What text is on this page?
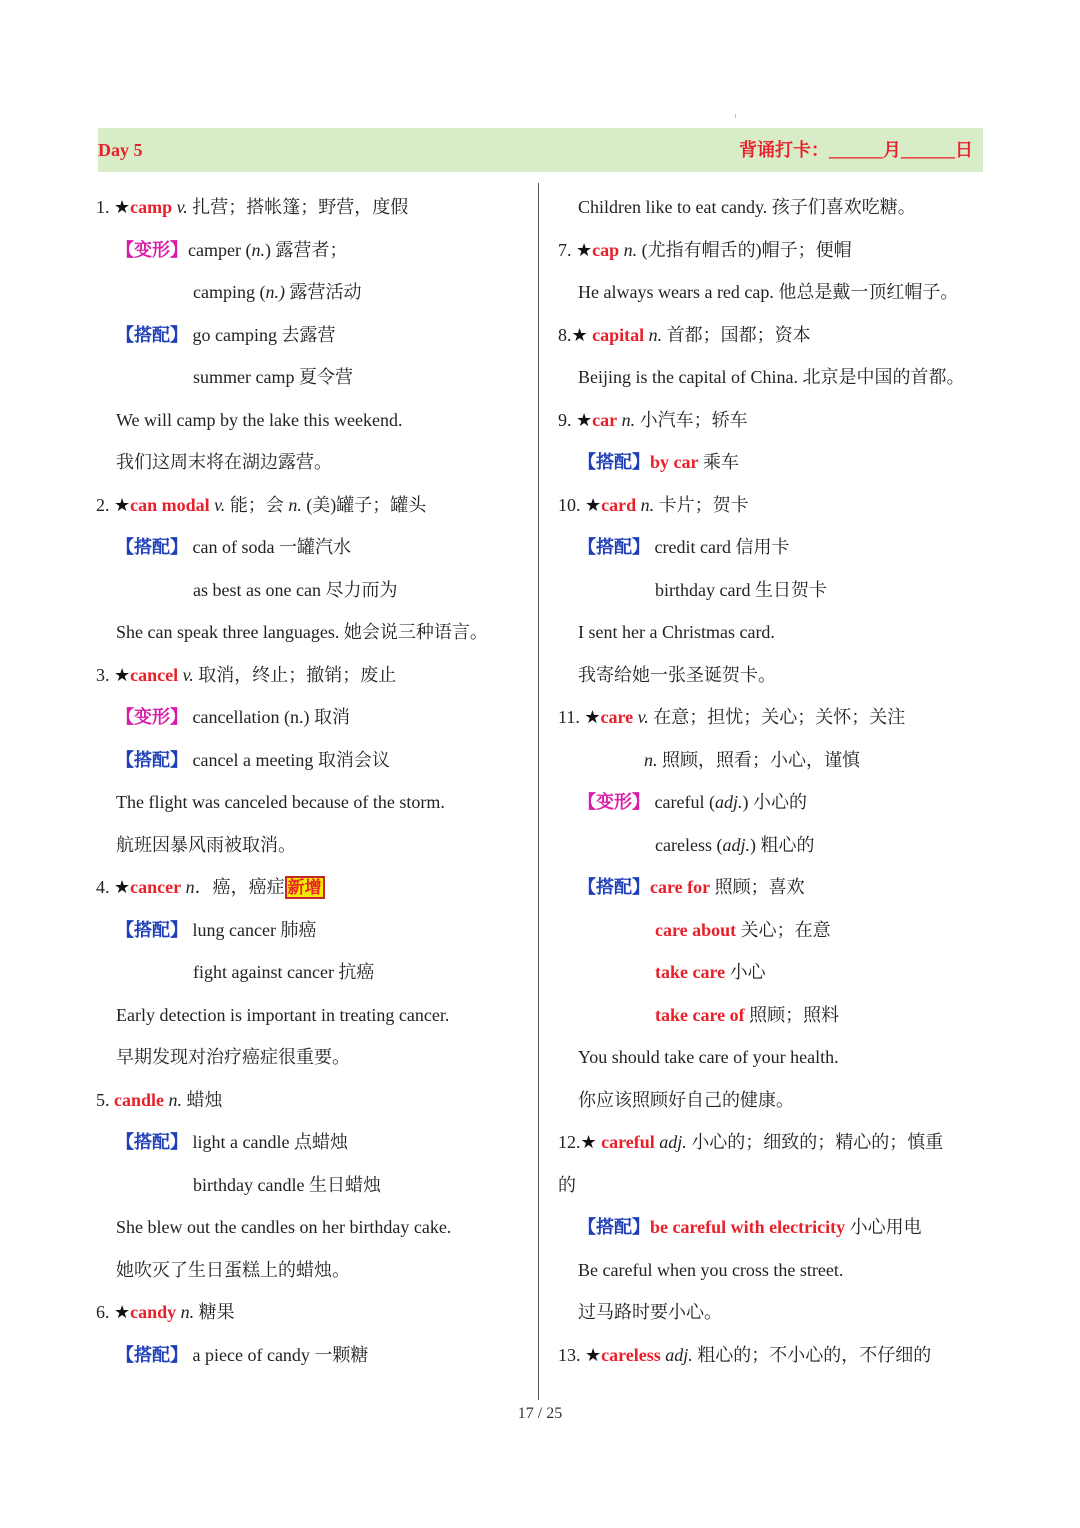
Day 5	背诵打卡：______月______日
1. ★camp v. 扎营；搭帐篷；野营，度假
【变形】camper (n.) 露营者；
camping (n.) 露营活动
【搭配】 go camping 去露营
summer camp 夏令营
We will camp by the lake this weekend.
我们这周末将在湖边露营。
2. ★can modal v. 能；会 n. (美)罐子；罐头
【搭配】 can of soda 一罐汽水
as best as one can 尽力而为
She can speak three languages. 她会说三种语言。
3. ★cancel v. 取消，终止；撤销；废止
【变形】 cancellation (n.) 取消
【搭配】 cancel a meeting 取消会议
The flight was canceled because of the storm.
航班因暴风雨被取消。
4. ★cancer n．癌，癌症 新增
【搭配】 lung cancer 肺癌
fight against cancer 抗癌
Early detection is important in treating cancer.
早期发现对治疗癌症很重要。
5. candle n. 蜡烛
【搭配】 light a candle 点蜡烛
birthday candle 生日蜡烛
She blew out the candles on her birthday cake.
她吹灭了生日蛋糕上的蜡烛。
6. ★candy n. 糖果
【搭配】 a piece of candy 一颗糖
Children like to eat candy. 孩子们喜欢吃糖。
7. ★cap n. (尤指有帽舌的)帽子；便帽
He always wears a red cap. 他总是戴一顶红帽子。
8.★ capital n. 首都；国都；资本
Beijing is the capital of China. 北京是中国的首都。
9. ★car n. 小汽车；轿车
【搭配】by car 乘车
10. ★card n. 卡片；贺卡
【搭配】 credit card 信用卡
birthday card 生日贺卡
I sent her a Christmas card.
我寄给她一张圣诞贺卡。
11. ★care v. 在意；担忧；关心；关怀；关注
n. 照顾，照看；小心，谨慎
【变形】 careful (adj.) 小心的
careless (adj.) 粗心的
【搭配】care for 照顾；喜欢
care about 关心；在意
take care 小心
take care of 照顾；照料
You should take care of your health.
你应该照顾好自己的健康。
12.★ careful adj. 小心的；细致的；精心的；慎重
的
【搭配】be careful with electricity 小心用电
Be careful when you cross the street.
过马路时要小心。
13. ★careless adj. 粗心的；不小心的，不仔细的
17 / 25
